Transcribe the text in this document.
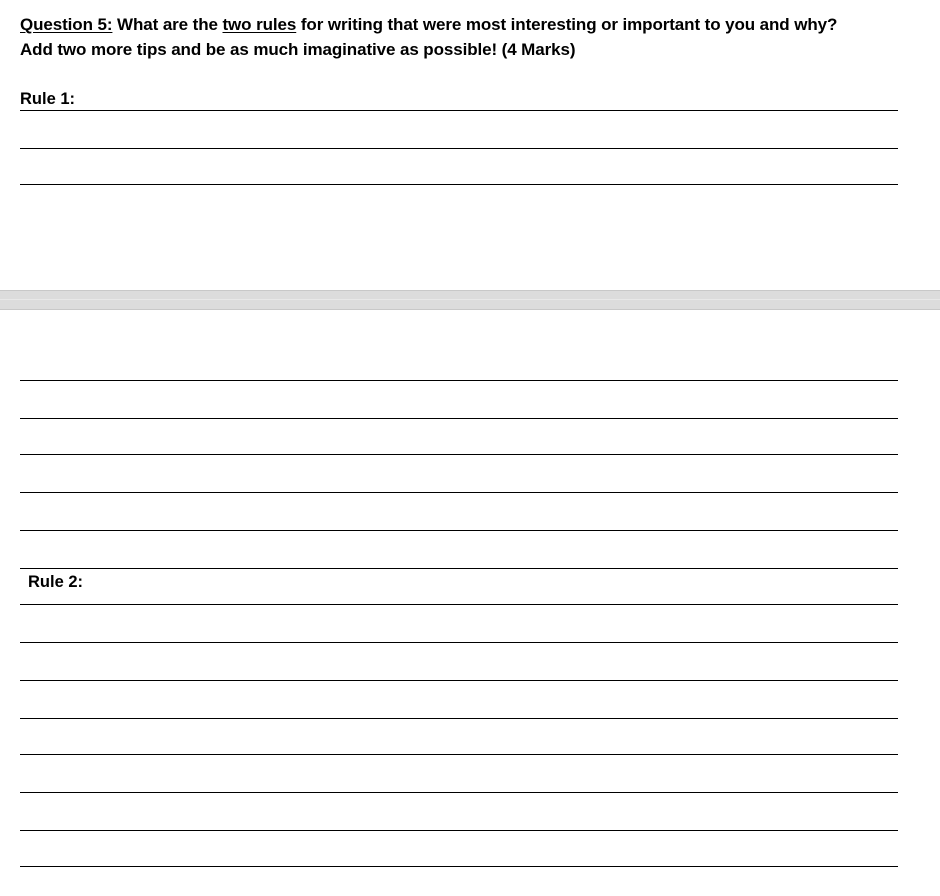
Question 5: What are the two rules for writing that were most interesting or important to you and why?
Add two more tips and be as much imaginative as possible! (4 Marks)
Rule 1:
Rule 2:
